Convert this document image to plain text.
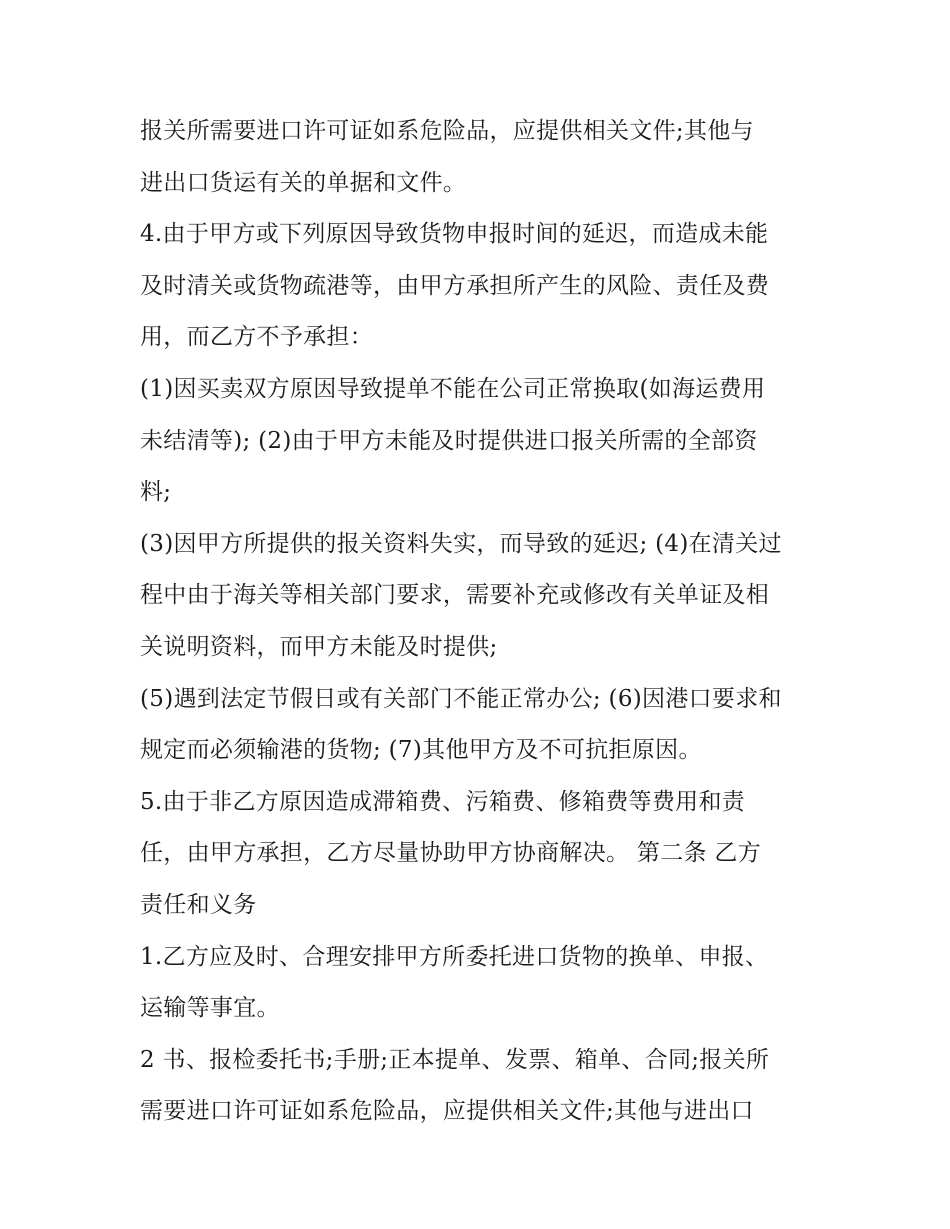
报关所需要进口许可证如系危险品，应提供相关文件;其他与
进出口货运有关的单据和文件。
4.由于甲方或下列原因导致货物申报时间的延迟，而造成未能
及时清关或货物疏港等，由甲方承担所产生的风险、责任及费
用，而乙方不予承担：
(1)因买卖双方原因导致提单不能在公司正常换取(如海运费用
未结清等); (2)由于甲方未能及时提供进口报关所需的全部资
料;
(3)因甲方所提供的报关资料失实，而导致的延迟; (4)在清关过
程中由于海关等相关部门要求，需要补充或修改有关单证及相
关说明资料，而甲方未能及时提供;
(5)遇到法定节假日或有关部门不能正常办公; (6)因港口要求和
规定而必须输港的货物; (7)其他甲方及不可抗拒原因。
5.由于非乙方原因造成滞箱费、污箱费、修箱费等费用和责
任，由甲方承担，乙方尽量协助甲方协商解决。 第二条 乙方
责任和义务
1.乙方应及时、合理安排甲方所委托进口货物的换单、申报、
运输等事宜。
2 书、报检委托书;手册;正本提单、发票、箱单、合同;报关所
需要进口许可证如系危险品，应提供相关文件;其他与进出口
